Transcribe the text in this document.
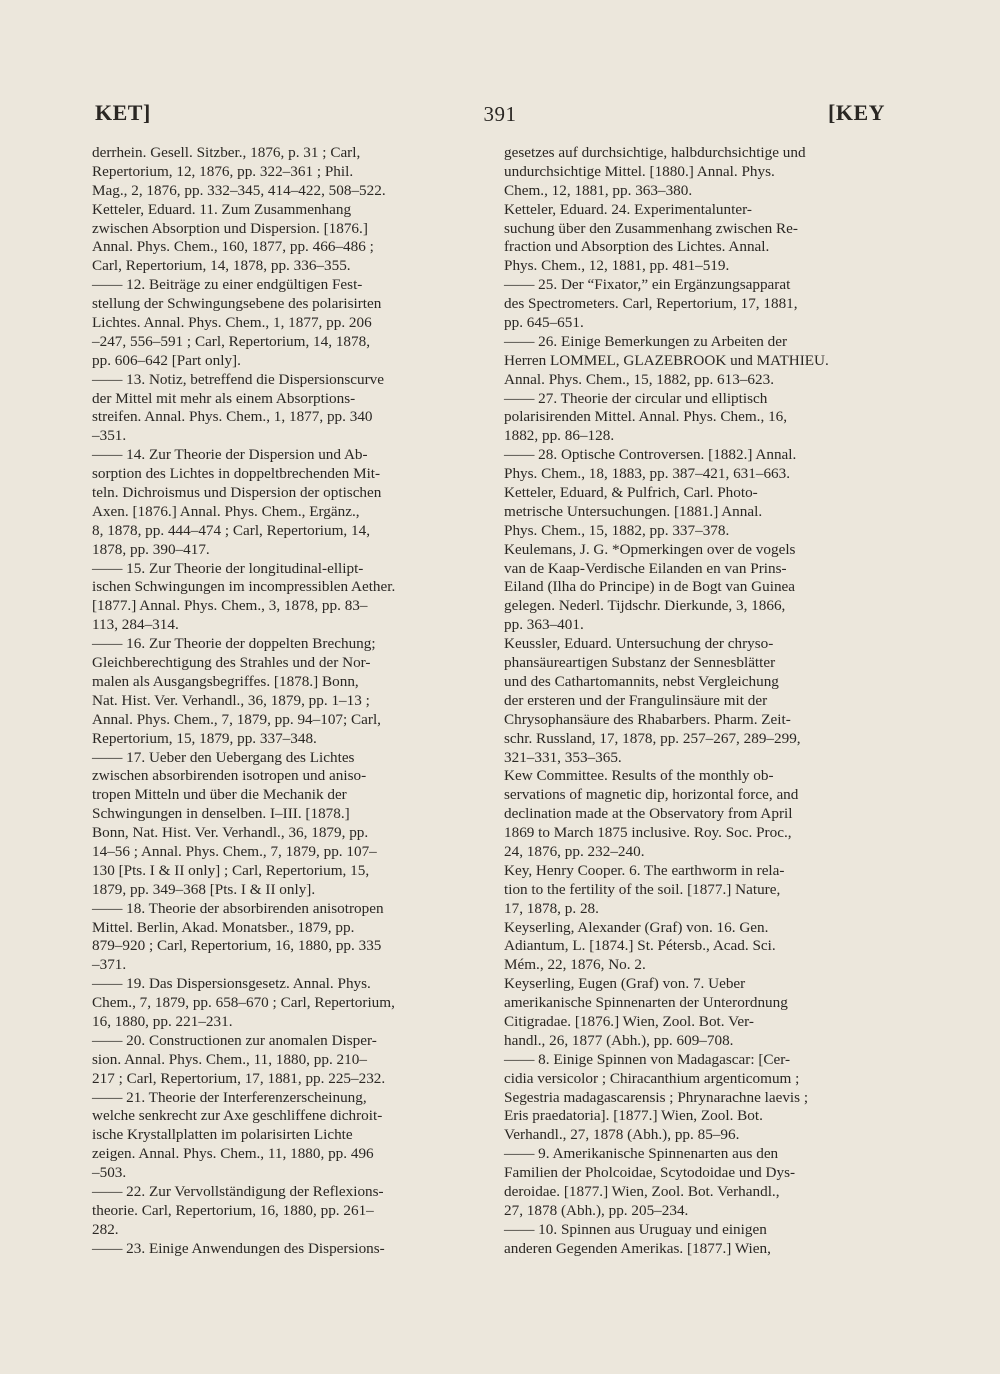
KET]	391	[KEY
derrhein. Gesell. Sitzber., 1876, p. 31 ; Carl,
Repertorium, 12, 1876, pp. 322–361 ; Phil.
Mag., 2, 1876, pp. 332–345, 414–422, 508–522.
Ketteler, Eduard. 11. Zum Zusammenhang
zwischen Absorption und Dispersion. [1876.]
Annal. Phys. Chem., 160, 1877, pp. 466–486 ;
Carl, Repertorium, 14, 1878, pp. 336–355.
—— 12. Beiträge zu einer endgültigen Fest-
stellung der Schwingungsebene des polarisirten
Lichtes. Annal. Phys. Chem., 1, 1877, pp. 206
–247, 556–591 ; Carl, Repertorium, 14, 1878,
pp. 606–642 [Part only].
—— 13. Notiz, betreffend die Dispersionscurve
der Mittel mit mehr als einem Absorptions-
streifen. Annal. Phys. Chem., 1, 1877, pp. 340
–351.
—— 14. Zur Theorie der Dispersion und Ab-
sorption des Lichtes in doppeltbrechenden Mit-
teln. Dichroismus und Dispersion der optischen
Axen. [1876.] Annal. Phys. Chem., Ergänz.,
8, 1878, pp. 444–474 ; Carl, Repertorium, 14,
1878, pp. 390–417.
—— 15. Zur Theorie der longitudinal-ellipt-
ischen Schwingungen im incompressiblen Aether.
[1877.] Annal. Phys. Chem., 3, 1878, pp. 83–
113, 284–314.
—— 16. Zur Theorie der doppelten Brechung;
Gleichberechtigung des Strahles und der Nor-
malen als Ausgangsbegriffes. [1878.] Bonn,
Nat. Hist. Ver. Verhandl., 36, 1879, pp. 1–13 ;
Annal. Phys. Chem., 7, 1879, pp. 94–107; Carl,
Repertorium, 15, 1879, pp. 337–348.
—— 17. Ueber den Uebergang des Lichtes
zwischen absorbirenden isotropen und aniso-
tropen Mitteln und über die Mechanik der
Schwingungen in denselben. I–III. [1878.]
Bonn, Nat. Hist. Ver. Verhandl., 36, 1879, pp.
14–56 ; Annal. Phys. Chem., 7, 1879, pp. 107–
130 [Pts. I & II only] ; Carl, Repertorium, 15,
1879, pp. 349–368 [Pts. I & II only].
—— 18. Theorie der absorbirenden anisotropen
Mittel. Berlin, Akad. Monatsber., 1879, pp.
879–920 ; Carl, Repertorium, 16, 1880, pp. 335
–371.
—— 19. Das Dispersionsgesetz. Annal. Phys.
Chem., 7, 1879, pp. 658–670 ; Carl, Repertorium,
16, 1880, pp. 221–231.
—— 20. Constructionen zur anomalen Disper-
sion. Annal. Phys. Chem., 11, 1880, pp. 210–
217 ; Carl, Repertorium, 17, 1881, pp. 225–232.
—— 21. Theorie der Interferenzerscheinung,
welche senkrecht zur Axe geschliffene dichroit-
ische Krystallplatten im polarisirten Lichte
zeigen. Annal. Phys. Chem., 11, 1880, pp. 496
–503.
—— 22. Zur Vervollständigung der Reflexions-
theorie. Carl, Repertorium, 16, 1880, pp. 261–
282.
—— 23. Einige Anwendungen des Dispersions-
gesetzes auf durchsichtige, halbdurchsichtige und
undurchsichtige Mittel. [1880.] Annal. Phys.
Chem., 12, 1881, pp. 363–380.
Ketteler, Eduard. 24. Experimentalunter-
suchung über den Zusammenhang zwischen Re-
fraction und Absorption des Lichtes. Annal.
Phys. Chem., 12, 1881, pp. 481–519.
—— 25. Der “Fixator,” ein Ergänzungsapparat
des Spectrometers. Carl, Repertorium, 17, 1881,
pp. 645–651.
—— 26. Einige Bemerkungen zu Arbeiten der
Herren LOMMEL, GLAZEBROOK und MATHIEU.
Annal. Phys. Chem., 15, 1882, pp. 613–623.
—— 27. Theorie der circular und elliptisch
polarisirenden Mittel. Annal. Phys. Chem., 16,
1882, pp. 86–128.
—— 28. Optische Controversen. [1882.] Annal.
Phys. Chem., 18, 1883, pp. 387–421, 631–663.
Ketteler, Eduard, & Pulfrich, Carl. Photo-
metrische Untersuchungen. [1881.] Annal.
Phys. Chem., 15, 1882, pp. 337–378.
Keulemans, J. G. *Opmerkingen over de vogels
van de Kaap-Verdische Eilanden en van Prins-
Eiland (Ilha do Principe) in de Bogt van Guinea
gelegen. Nederl. Tijdschr. Dierkunde, 3, 1866,
pp. 363–401.
Keussler, Eduard. Untersuchung der chryso-
phansäureartigen Substanz der Sennesblätter
und des Cathartomannits, nebst Vergleichung
der ersteren und der Frangulinsäure mit der
Chrysophansäure des Rhabarbers. Pharm. Zeit-
schr. Russland, 17, 1878, pp. 257–267, 289–299,
321–331, 353–365.
Kew Committee. Results of the monthly ob-
servations of magnetic dip, horizontal force, and
declination made at the Observatory from April
1869 to March 1875 inclusive. Roy. Soc. Proc.,
24, 1876, pp. 232–240.
Key, Henry Cooper. 6. The earthworm in rela-
tion to the fertility of the soil. [1877.] Nature,
17, 1878, p. 28.
Keyserling, Alexander (Graf) von. 16. Gen.
Adiantum, L. [1874.] St. Pétersb., Acad. Sci.
Mém., 22, 1876, No. 2.
Keyserling, Eugen (Graf) von. 7. Ueber
amerikanische Spinnenarten der Unterordnung
Citigradae. [1876.] Wien, Zool. Bot. Ver-
handl., 26, 1877 (Abh.), pp. 609–708.
—— 8. Einige Spinnen von Madagascar: [Cer-
cidia versicolor ; Chiracanthium argenticomum ;
Segestria madagascarensis ; Phrynarachne laevis ;
Eris praedatoria]. [1877.] Wien, Zool. Bot.
Verhandl., 27, 1878 (Abh.), pp. 85–96.
—— 9. Amerikanische Spinnenarten aus den
Familien der Pholcoidae, Scytodoidae und Dys-
deroidae. [1877.] Wien, Zool. Bot. Verhandl.,
27, 1878 (Abh.), pp. 205–234.
—— 10. Spinnen aus Uruguay und einigen
anderen Gegenden Amerikas. [1877.] Wien,
